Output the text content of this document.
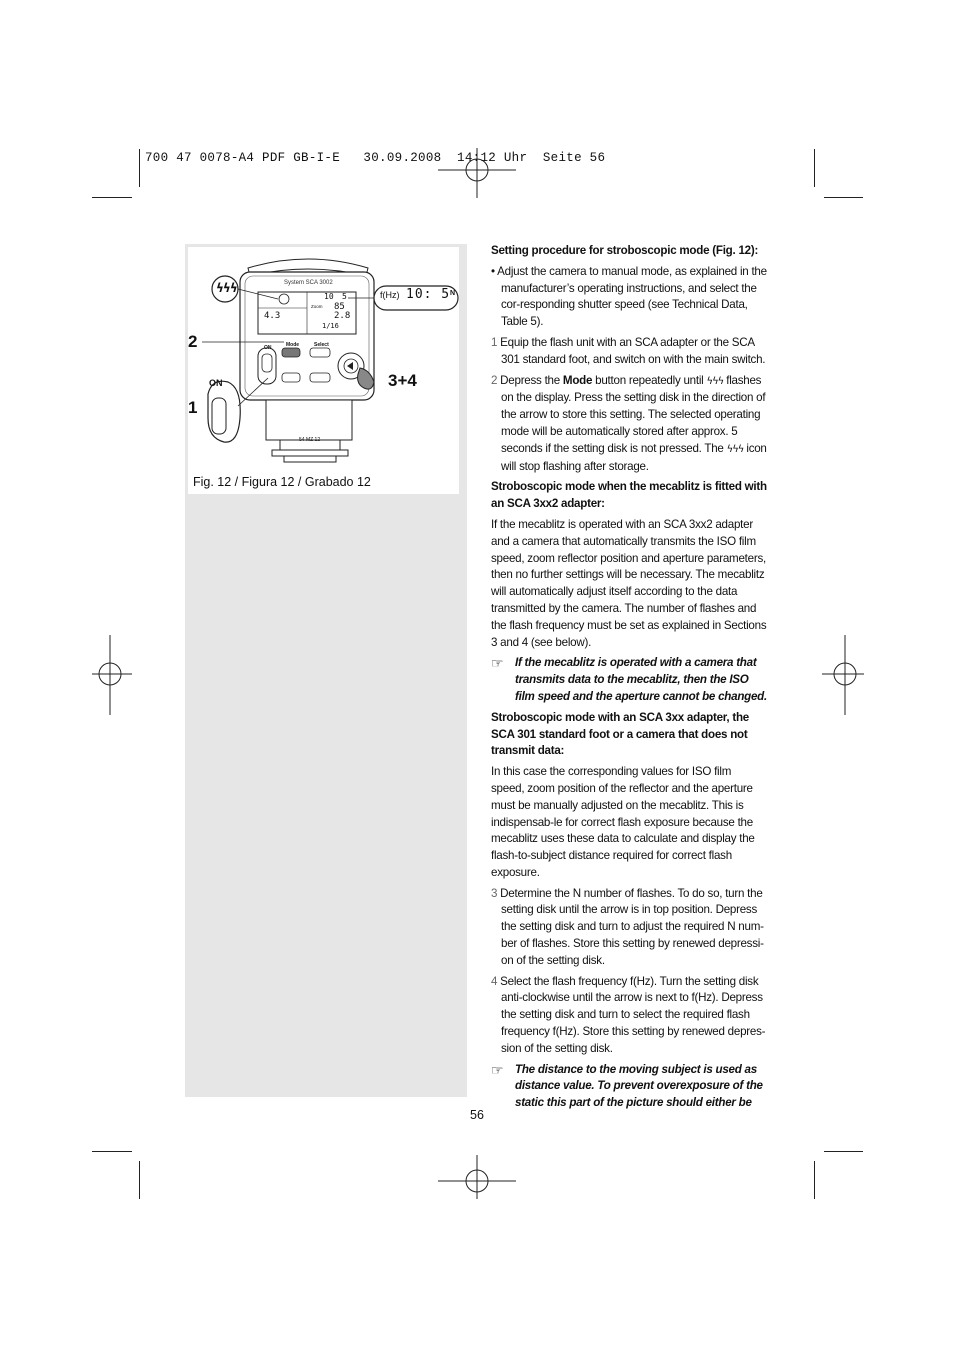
700 47 0078-A4 PDF GB-I-E   30.09.2008  14:12 Uhr  Seite 56
System SCA 3002
4.3
10 5
Zoom 85
2.8
1/16
Mode	Select
ON
54 MZ 12
ON
ϟϟϟ	f(Hz) 10: 5 N
2
1
3+4
Fig. 12 / Figura 12 / Grabado 12

Setting procedure for stroboscopic mode (Fig. 12):

• Adjust the camera to manual mode, as explained in the manufacturer’s operating instructions, and select the cor-responding shutter speed (see Technical Data, Table 5).

1 Equip the flash unit with an SCA adapter or the SCA 301 standard foot, and switch on with the main switch.

2 Depress the Mode button repeatedly until ϟϟϟ flashes on the display. Press the setting disk in the direction of the arrow to store this setting. The selected operating mode will be automatically stored after approx. 5 seconds if the setting disk is not pressed. The ϟϟϟ icon will stop flashing after storage.

Stroboscopic mode when the mecablitz is fitted with an SCA 3xx2 adapter:

If the mecablitz is operated with an SCA 3xx2 adapter and a camera that automatically transmits the ISO film speed, zoom reflector position and aperture parameters, then no further settings will be necessary. The mecablitz will automatically adjust itself according to the data transmitted by the camera. The number of flashes and the flash frequency must be set as explained in Sections 3 and 4 (see below).

☞ If the mecablitz is operated with a camera that transmits data to the mecablitz, then the ISO film speed and the aperture cannot be changed.

Stroboscopic mode with an SCA 3xx adapter, the SCA 301 standard foot or a camera that does not transmit data:

In this case the corresponding values for ISO film speed, zoom position of the reflector and the aperture must be manually adjusted on the mecablitz. This is indispensab-le for correct flash exposure because the mecablitz uses these data to calculate and display the flash-to-subject distance required for correct flash exposure.

3 Determine the N number of flashes. To do so, turn the setting disk until the arrow is in top position. Depress the setting disk and turn to adjust the required N num-ber of flashes. Store this setting by renewed depressi-on of the setting disk.

4 Select the flash frequency f(Hz). Turn the setting disk anti-clockwise until the arrow is next to f(Hz). Depress the setting disk and turn to select the required flash frequency f(Hz). Store this setting by renewed depres-sion of the setting disk.

☞ The distance to the moving subject is used as distance value. To prevent overexposure of the static this part of the picture should either be

56
